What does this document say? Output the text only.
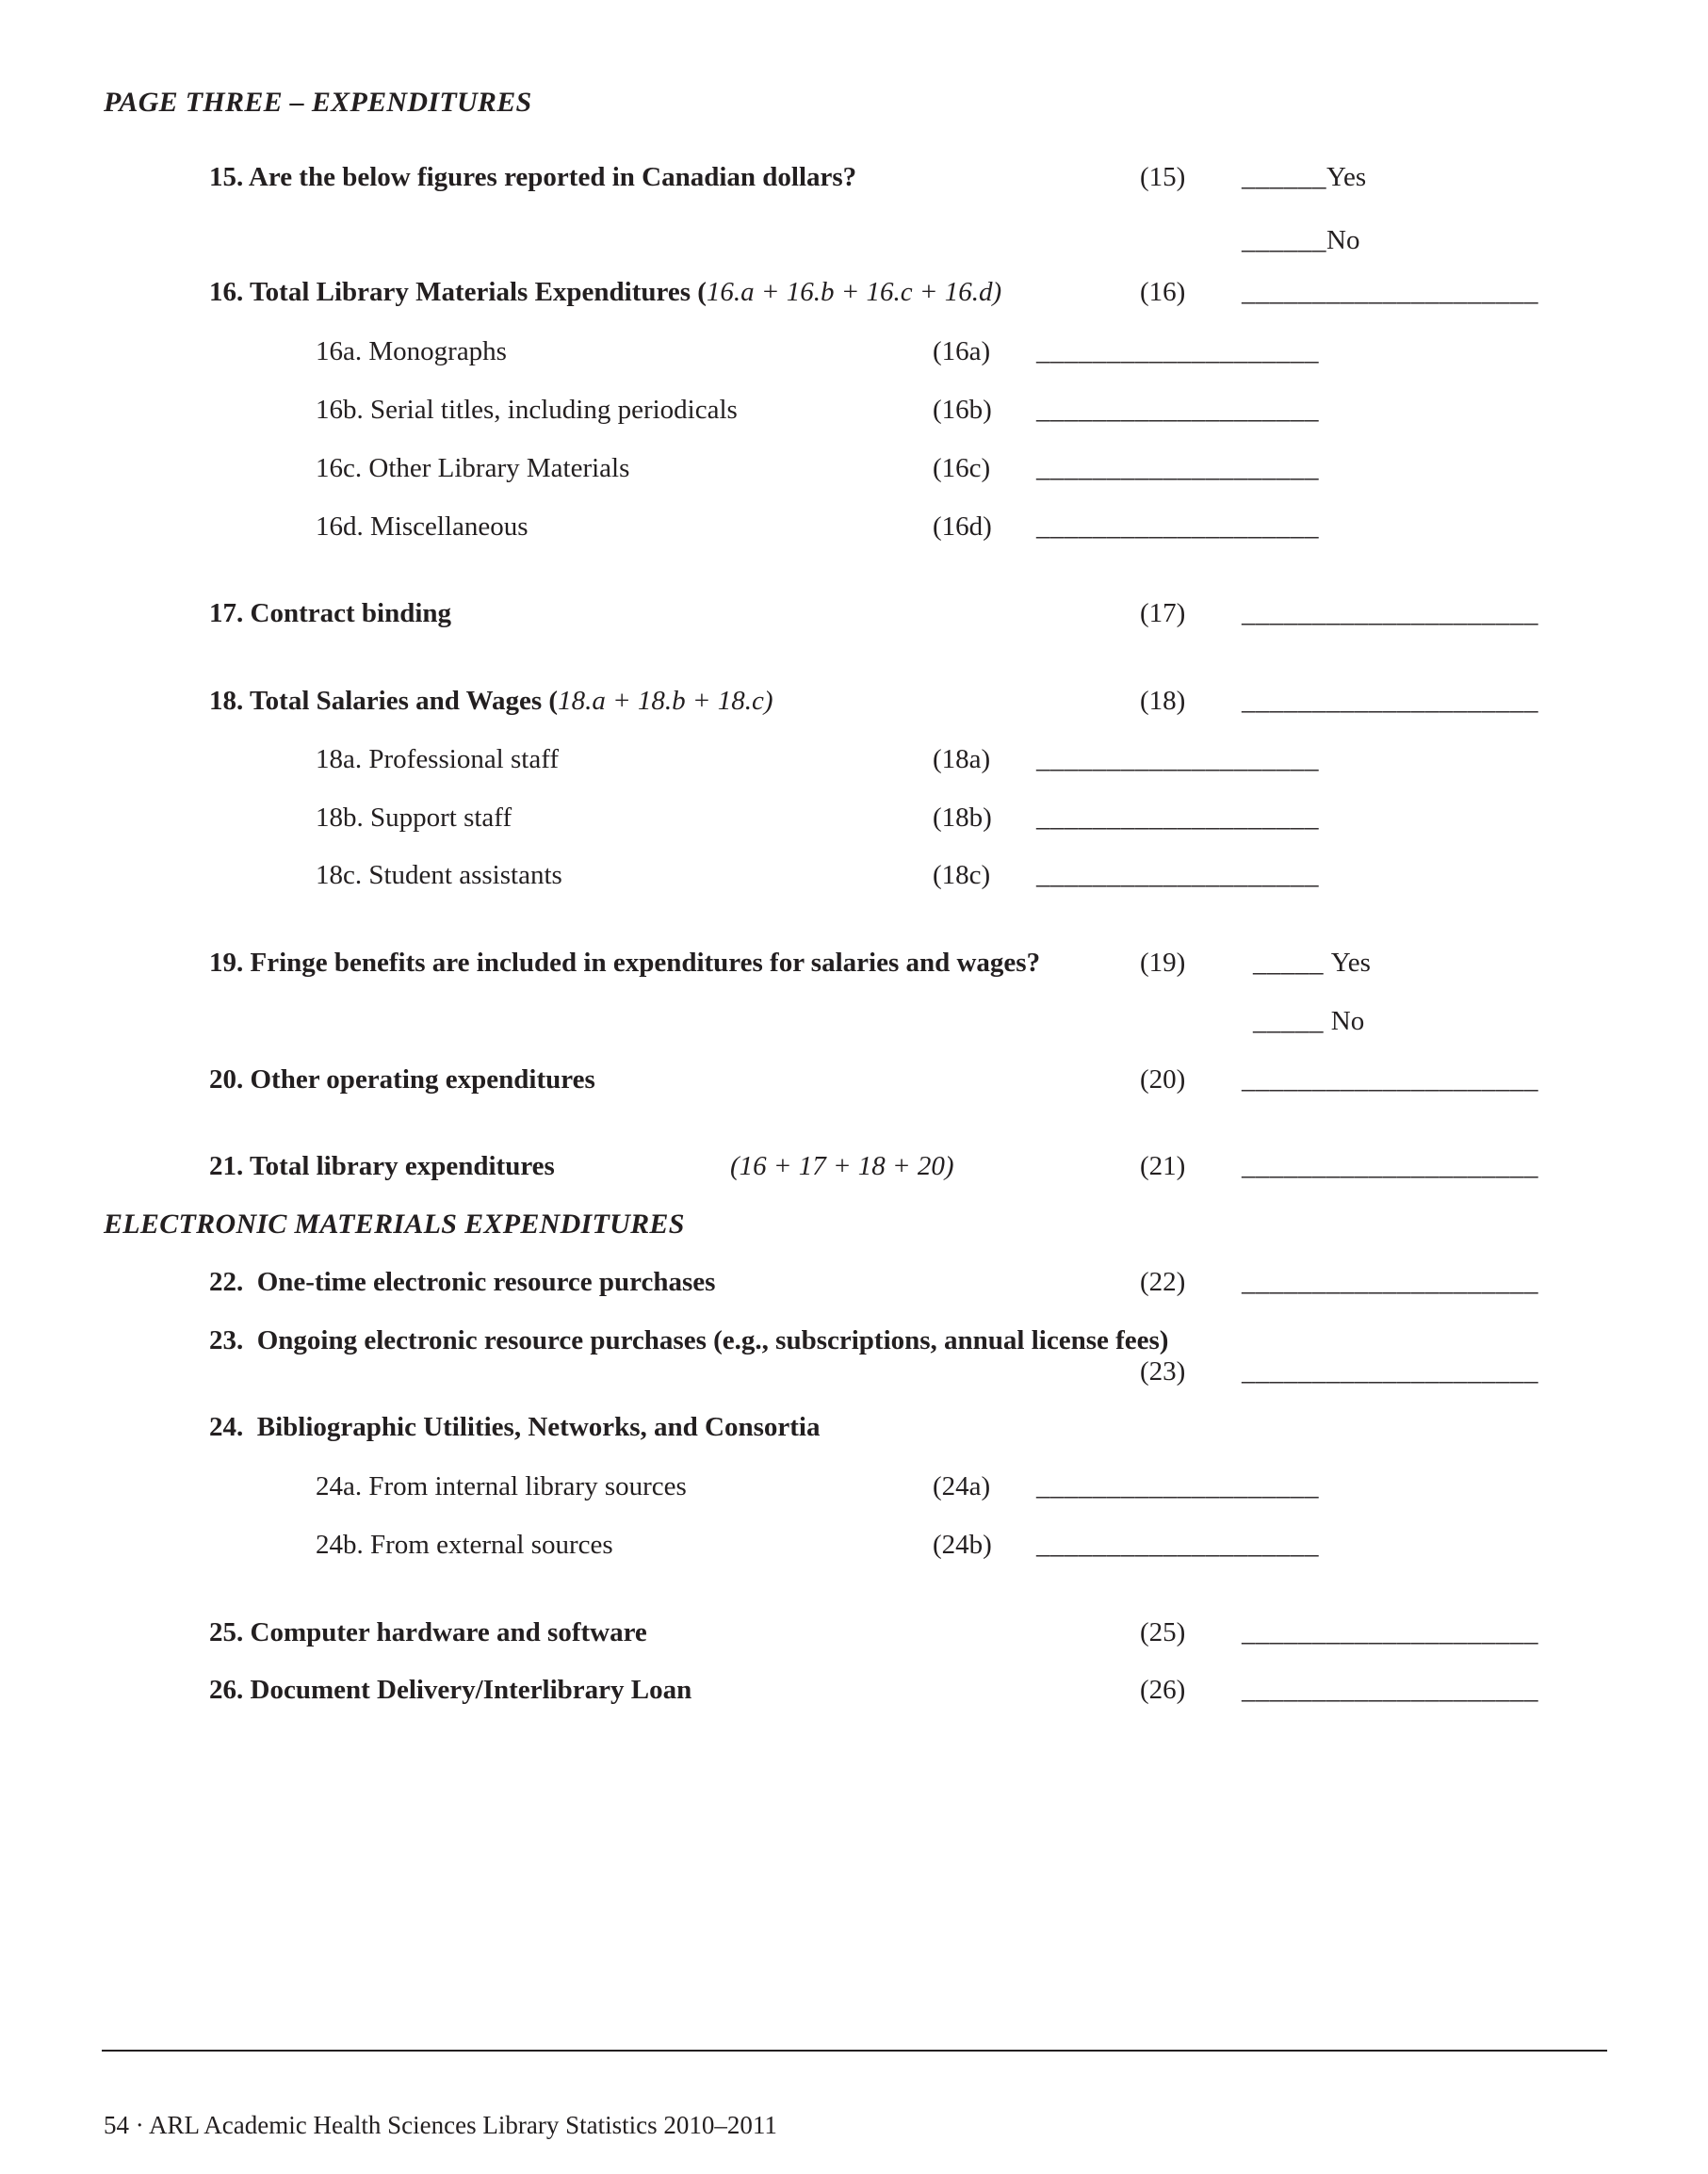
PAGE THREE – EXPENDITURES
15. Are the below figures reported in Canadian dollars?	(15) ______Yes
______No
16. Total Library Materials Expenditures (16.a + 16.b + 16.c + 16.d)	(16) _____________________
16a. Monographs	(16a) ____________________
16b. Serial titles, including periodicals	(16b) ____________________
16c. Other Library Materials	(16c) ____________________
16d. Miscellaneous	(16d) ____________________
17. Contract binding	(17) _____________________
18. Total Salaries and Wages (18.a + 18.b + 18.c)	(18) _____________________
18a. Professional staff	(18a) ____________________
18b. Support staff	(18b) ____________________
18c. Student assistants	(18c) ____________________
19. Fringe benefits are included in expenditures for salaries and wages?	(19) _____ Yes
_____ No
20. Other operating expenditures	(20) _____________________
21. Total library expenditures	(16 + 17 + 18 + 20)	(21) _____________________
ELECTRONIC MATERIALS EXPENDITURES
22. One-time electronic resource purchases	(22) _____________________
23. Ongoing electronic resource purchases (e.g., subscriptions, annual license fees)
(23) _____________________
24. Bibliographic Utilities, Networks, and Consortia
24a. From internal library sources	(24a) ____________________
24b. From external sources	(24b) ____________________
25. Computer hardware and software	(25) _____________________
26. Document Delivery/Interlibrary Loan	(26) _____________________
54 · ARL Academic Health Sciences Library Statistics 2010–2011
